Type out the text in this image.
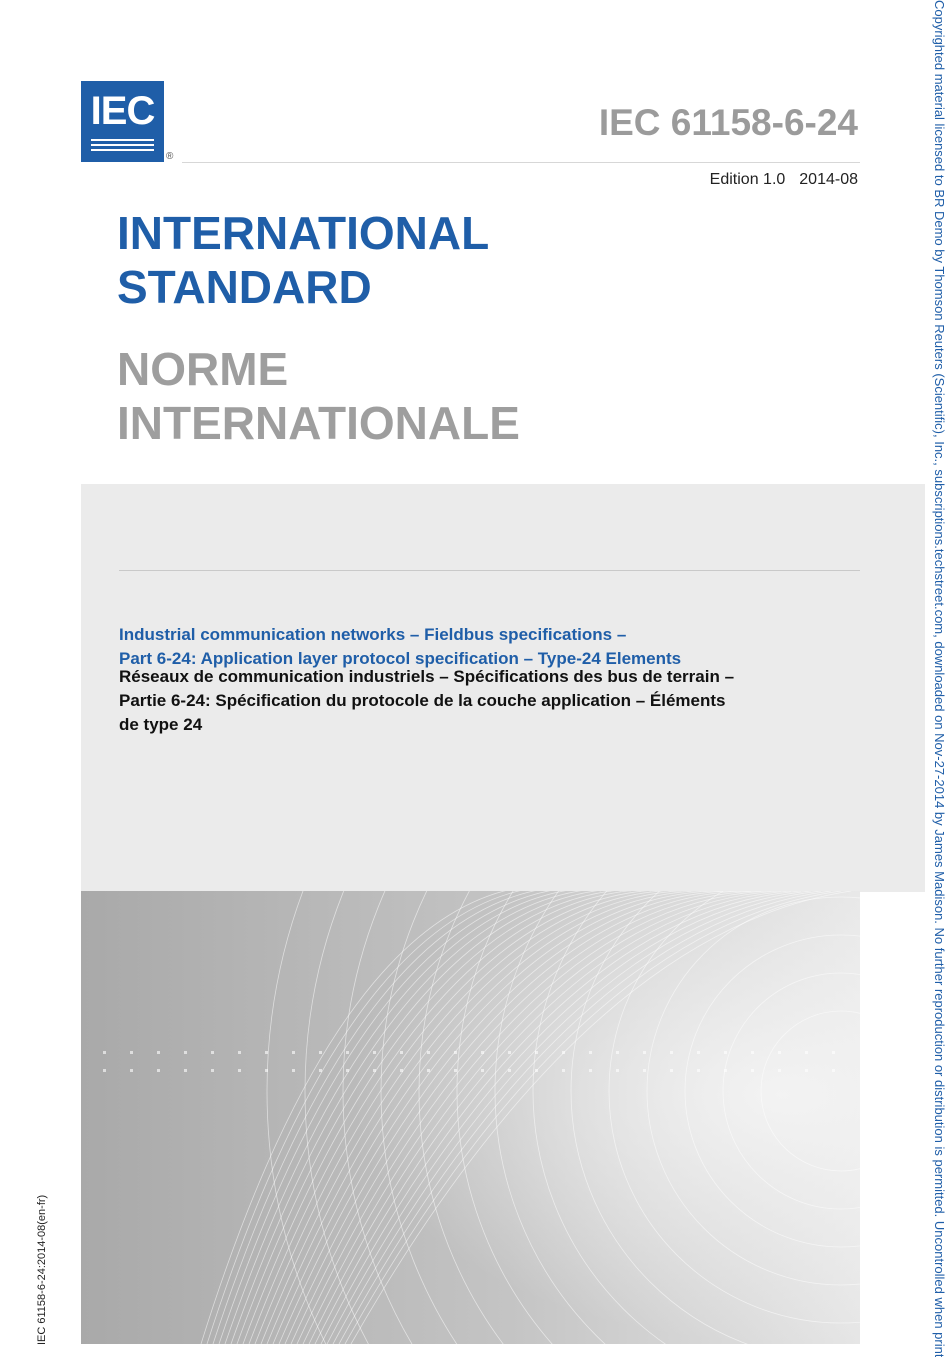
IEC
®
IEC 61158-6-24
Edition 1.0 2014-08
INTERNATIONAL
STANDARD
NORME
INTERNATIONALE
Industrial communication networks – Fieldbus specifications –
Part 6-24: Application layer protocol specification – Type-24 Elements
Réseaux de communication industriels – Spécifications des bus de terrain –
Partie 6-24: Spécification du protocole de la couche application – Éléments
de type 24
IEC 61158-6-24:2014-08(en-fr)	Copyrighted material licensed to BR Demo by Thomson Reuters (Scientific), Inc., subscriptions.techstreet.com, downloaded on Nov-27-2014 by James Madison. No further reproduction or distribution is permitted. Uncontrolled when print
